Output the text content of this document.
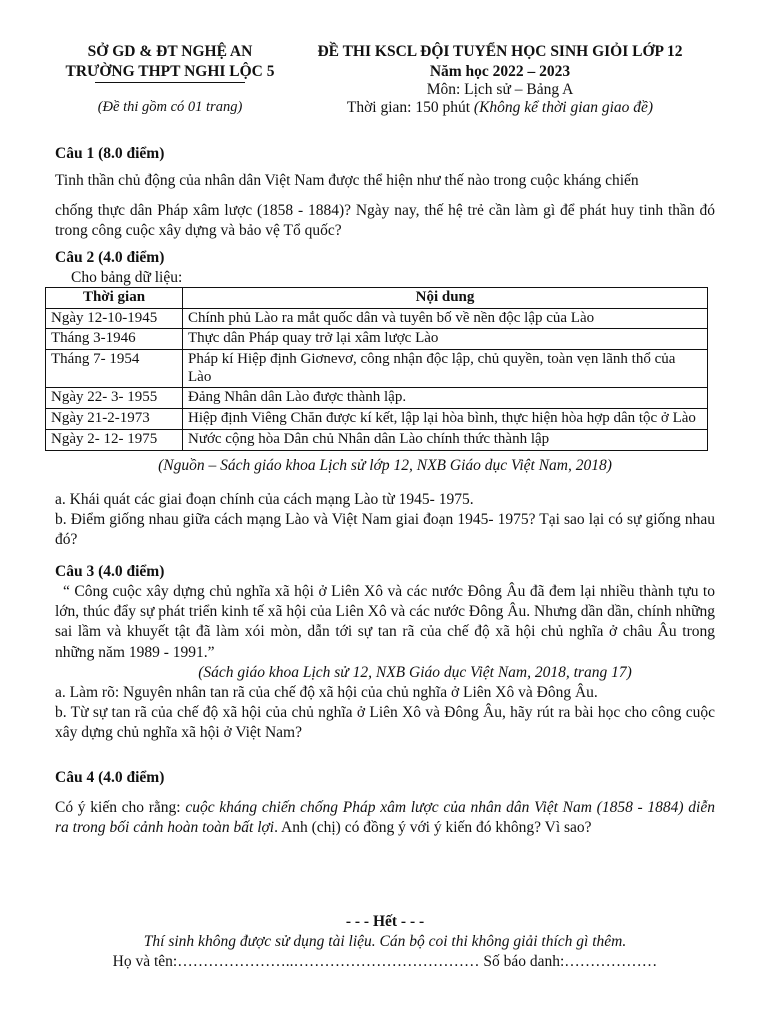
SỞ GD & ĐT NGHỆ AN
TRƯỜNG THPT NGHI LỘC 5
(Đề thi gồm có 01 trang)
ĐỀ THI KSCL ĐỘI TUYỂN HỌC SINH GIỎI LỚP 12
Năm học 2022 – 2023
Môn: Lịch sử – Bảng A
Thời gian: 150 phút (Không kể thời gian giao đề)

Câu 1 (8.0 điểm)

Tinh thần chủ động của nhân dân Việt Nam được thể hiện như thế nào trong cuộc kháng chiến

chống thực dân Pháp xâm lược (1858 - 1884)? Ngày nay, thế hệ trẻ cần làm gì để phát huy tinh thần đó trong công cuộc xây dựng và bảo vệ Tổ quốc?

Câu 2 (4.0 điểm)

Cho bảng dữ liệu:

Thời gian	Nội dung
Ngày 12-10-1945	Chính phủ Lào ra mắt quốc dân và tuyên bố về nền độc lập của Lào
Tháng 3-1946	Thực dân Pháp quay trở lại xâm lược Lào
Tháng 7- 1954	Pháp kí Hiệp định Giơnevơ, công nhận độc lập, chủ quyền, toàn vẹn lãnh thổ của Lào
Ngày 22- 3- 1955	Đảng Nhân dân Lào được thành lập.
Ngày 21-2-1973	Hiệp định Viêng Chăn được kí kết, lập lại hòa bình, thực hiện hòa hợp dân tộc ở Lào
Ngày 2- 12- 1975	Nước cộng hòa Dân chủ Nhân dân Lào chính thức thành lập

(Nguồn – Sách giáo khoa Lịch sử lớp 12, NXB Giáo dục Việt Nam, 2018)

a. Khái quát các giai đoạn chính của cách mạng Lào từ 1945- 1975.

b. Điểm giống nhau giữa cách mạng Lào và Việt Nam giai đoạn 1945- 1975? Tại sao lại có sự giống nhau đó?

Câu 3 (4.0 điểm)

“ Công cuộc xây dựng chủ nghĩa xã hội ở Liên Xô và các nước Đông Âu đã đem lại nhiều thành tựu to lớn, thúc đẩy sự phát triển kinh tế xã hội của Liên Xô và các nước Đông Âu. Nhưng dần dần, chính những sai lầm và khuyết tật đã làm xói mòn, dẫn tới sự tan rã của chế độ xã hội chủ nghĩa ở châu Âu trong những năm 1989 - 1991.”

(Sách giáo khoa Lịch sử 12, NXB Giáo dục Việt Nam, 2018, trang 17)

a. Làm rõ: Nguyên nhân tan rã của chế độ xã hội của chủ nghĩa ở Liên Xô và Đông Âu.

b. Từ sự tan rã của chế độ xã hội của chủ nghĩa ở Liên Xô và Đông Âu, hãy rút ra bài học cho công cuộc xây dựng chủ nghĩa xã hội ở Việt Nam?

Câu 4 (4.0 điểm)

Có ý kiến cho rằng: cuộc kháng chiến chống Pháp xâm lược của nhân dân Việt Nam (1858 - 1884) diễn ra trong bối cảnh hoàn toàn bất lợi. Anh (chị) có đồng ý với ý kiến đó không? Vì sao?

- - - Hết - - -

Thí sinh không được sử dụng tài liệu. Cán bộ coi thi không giải thích gì thêm.

Họ và tên:…………………..……………………………… Số báo danh:………………
